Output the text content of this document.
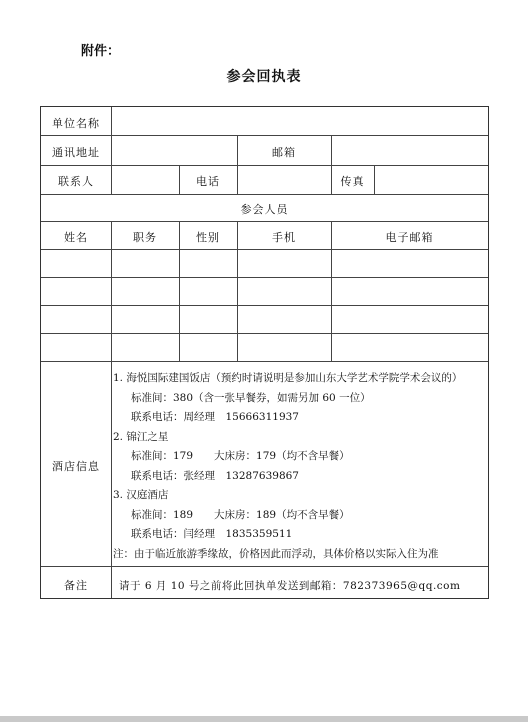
附件：
参会回执表
单位名称
通讯地址	邮箱
联系人	电话	传真
参会人员
姓名	职务	性别	手机	电子邮箱
酒店信息
1. 海悦国际建国饭店（预约时请说明是参加山东大学艺术学院学术会议的）
标准间：380（含一张早餐券，如需另加 60 一位）
联系电话：周经理　15666311937
2. 锦江之星
标准间：179　　大床房：179（均不含早餐）
联系电话：张经理　13287639867
3. 汉庭酒店
标准间：189　　大床房：189（均不含早餐）
联系电话：闫经理　1835359511
注：由于临近旅游季缘故，价格因此而浮动，具体价格以实际入住为准
备注	请于 6 月 10 号之前将此回执单发送到邮箱：782373965@qq.com
